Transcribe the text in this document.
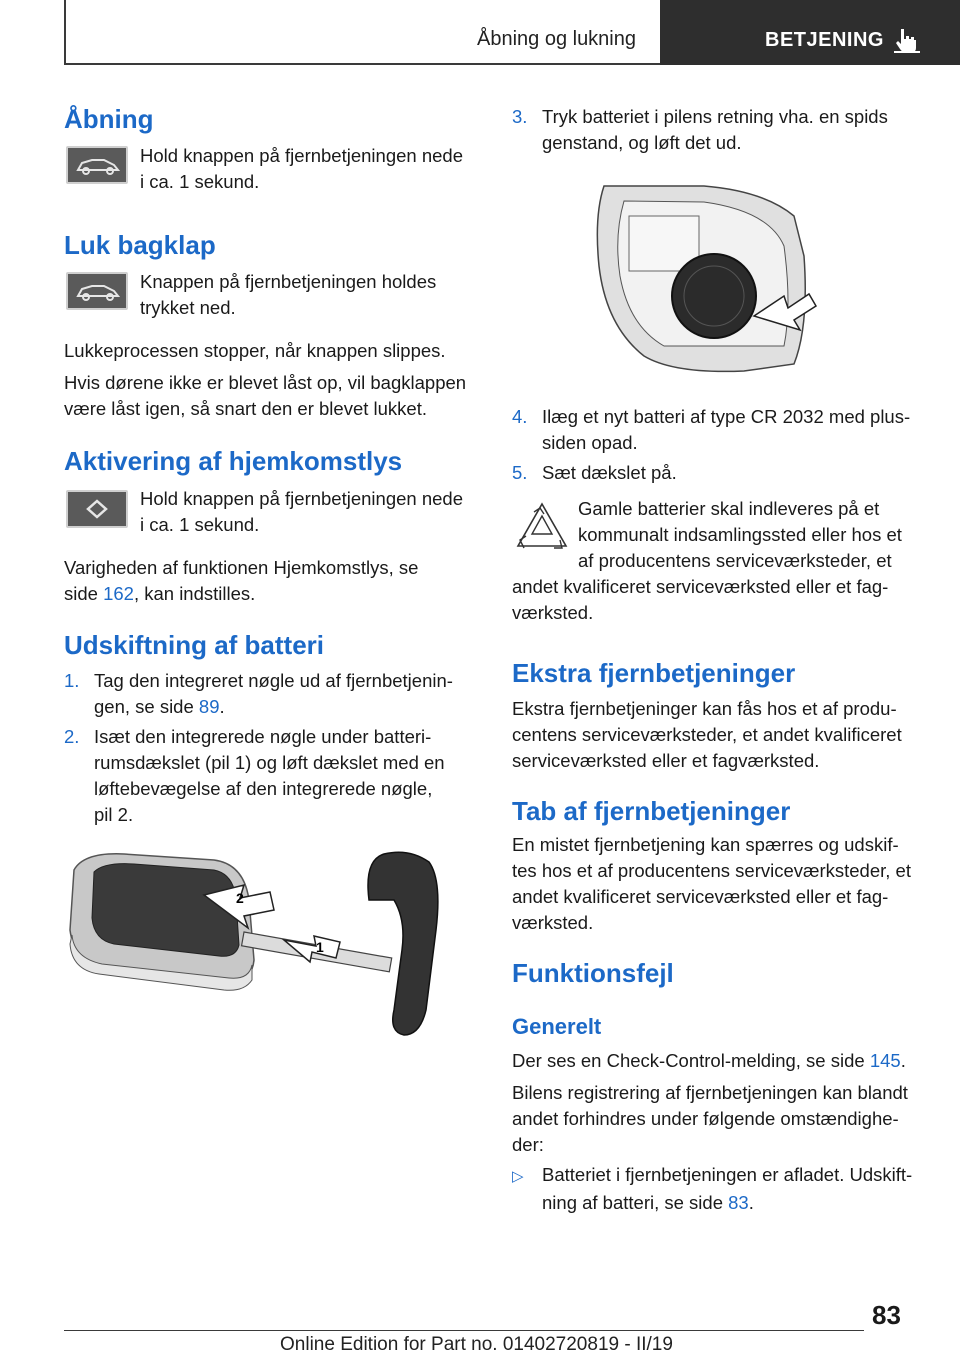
Åbning og lukning	BETJENING
Åbning

Hold knappen på fjernbetjeningen nede
i ca. 1 sekund.

Luk bagklap

Knappen på fjernbetjeningen holdes
trykket ned.

Lukkeprocessen stopper, når knappen slippes.

Hvis dørene ikke er blevet låst op, vil bagklappen
være låst igen, så snart den er blevet lukket.

Aktivering af hjemkomstlys

Hold knappen på fjernbetjeningen nede
i ca. 1 sekund.

Varigheden af funktionen Hjemkomstlys, se
side 162, kan indstilles.

Udskiftning af batteri

1. Tag den integreret nøgle ud af fjernbetjenin‐
gen, se side 89.

2. Isæt den integrerede nøgle under batteri‐
rumsdækslet (pil 1) og løft dækslet med en
løftebevægelse af den integrerede nøgle,
pil 2.

2
1

3. Tryk batteriet i pilens retning vha. en spids
genstand, og løft det ud.

4. Ilæg et nyt batteri af type CR 2032 med plus‐
siden opad.

5. Sæt dækslet på.

Gamle batterier skal indleveres på et
kommunalt indsamlingssted eller hos et
af producentens serviceværksteder, et

andet kvalificeret serviceværksted eller et fag‐
værksted.

Ekstra fjernbetjeninger

Ekstra fjernbetjeninger kan fås hos et af produ‐
centens serviceværksteder, et andet kvalificeret
serviceværksted eller et fagværksted.

Tab af fjernbetjeninger

En mistet fjernbetjening kan spærres og udskif‐
tes hos et af producentens serviceværksteder, et
andet kvalificeret serviceværksted eller et fag‐
værksted.

Funktionsfejl
Generelt

Der ses en Check-Control-melding, se side 145.

Bilens registrering af fjernbetjeningen kan blandt
andet forhindres under følgende omstændighe‐
der:

▷ Batteriet i fjernbetjeningen er afladet. Udskift‐
ning af batteri, se side 83.

83
Online Edition for Part no. 01402720819 - II/19
